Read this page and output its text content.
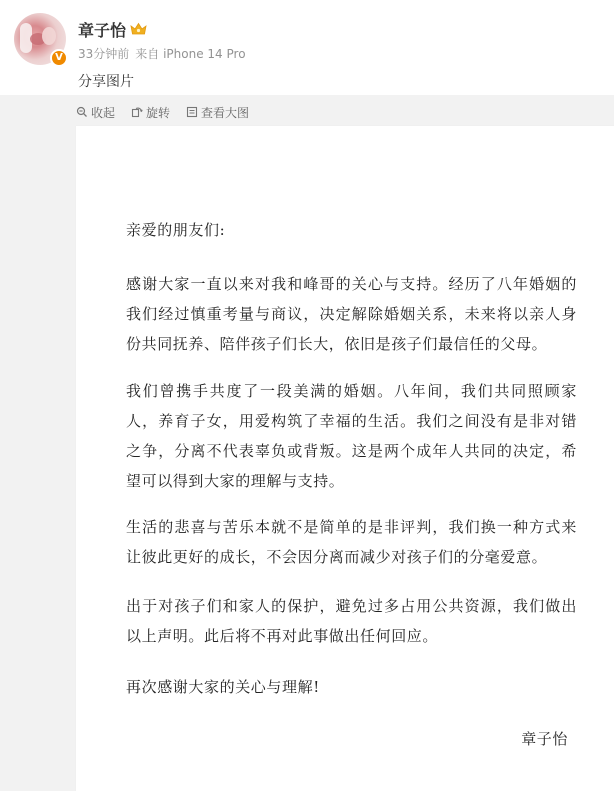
V
章子怡
33分钟前 来自 iPhone 14 Pro
分享图片
收起	旋转	查看大图

亲爱的朋友们:

感谢大家一直以来对我和峰哥的关心与支持。经历了八年婚姻的我们经过慎重考量与商议，决定解除婚姻关系，未来将以亲人身份共同抚养、陪伴孩子们长大，依旧是孩子们最信任的父母。

我们曾携手共度了一段美满的婚姻。八年间，我们共同照顾家人，养育子女，用爱构筑了幸福的生活。我们之间没有是非对错之争，分离不代表辜负或背叛。这是两个成年人共同的决定，希望可以得到大家的理解与支持。

生活的悲喜与苦乐本就不是简单的是非评判，我们换一种方式来让彼此更好的成长，不会因分离而减少对孩子们的分毫爱意。

出于对孩子们和家人的保护，避免过多占用公共资源，我们做出以上声明。此后将不再对此事做出任何回应。

再次感谢大家的关心与理解!

章子怡
